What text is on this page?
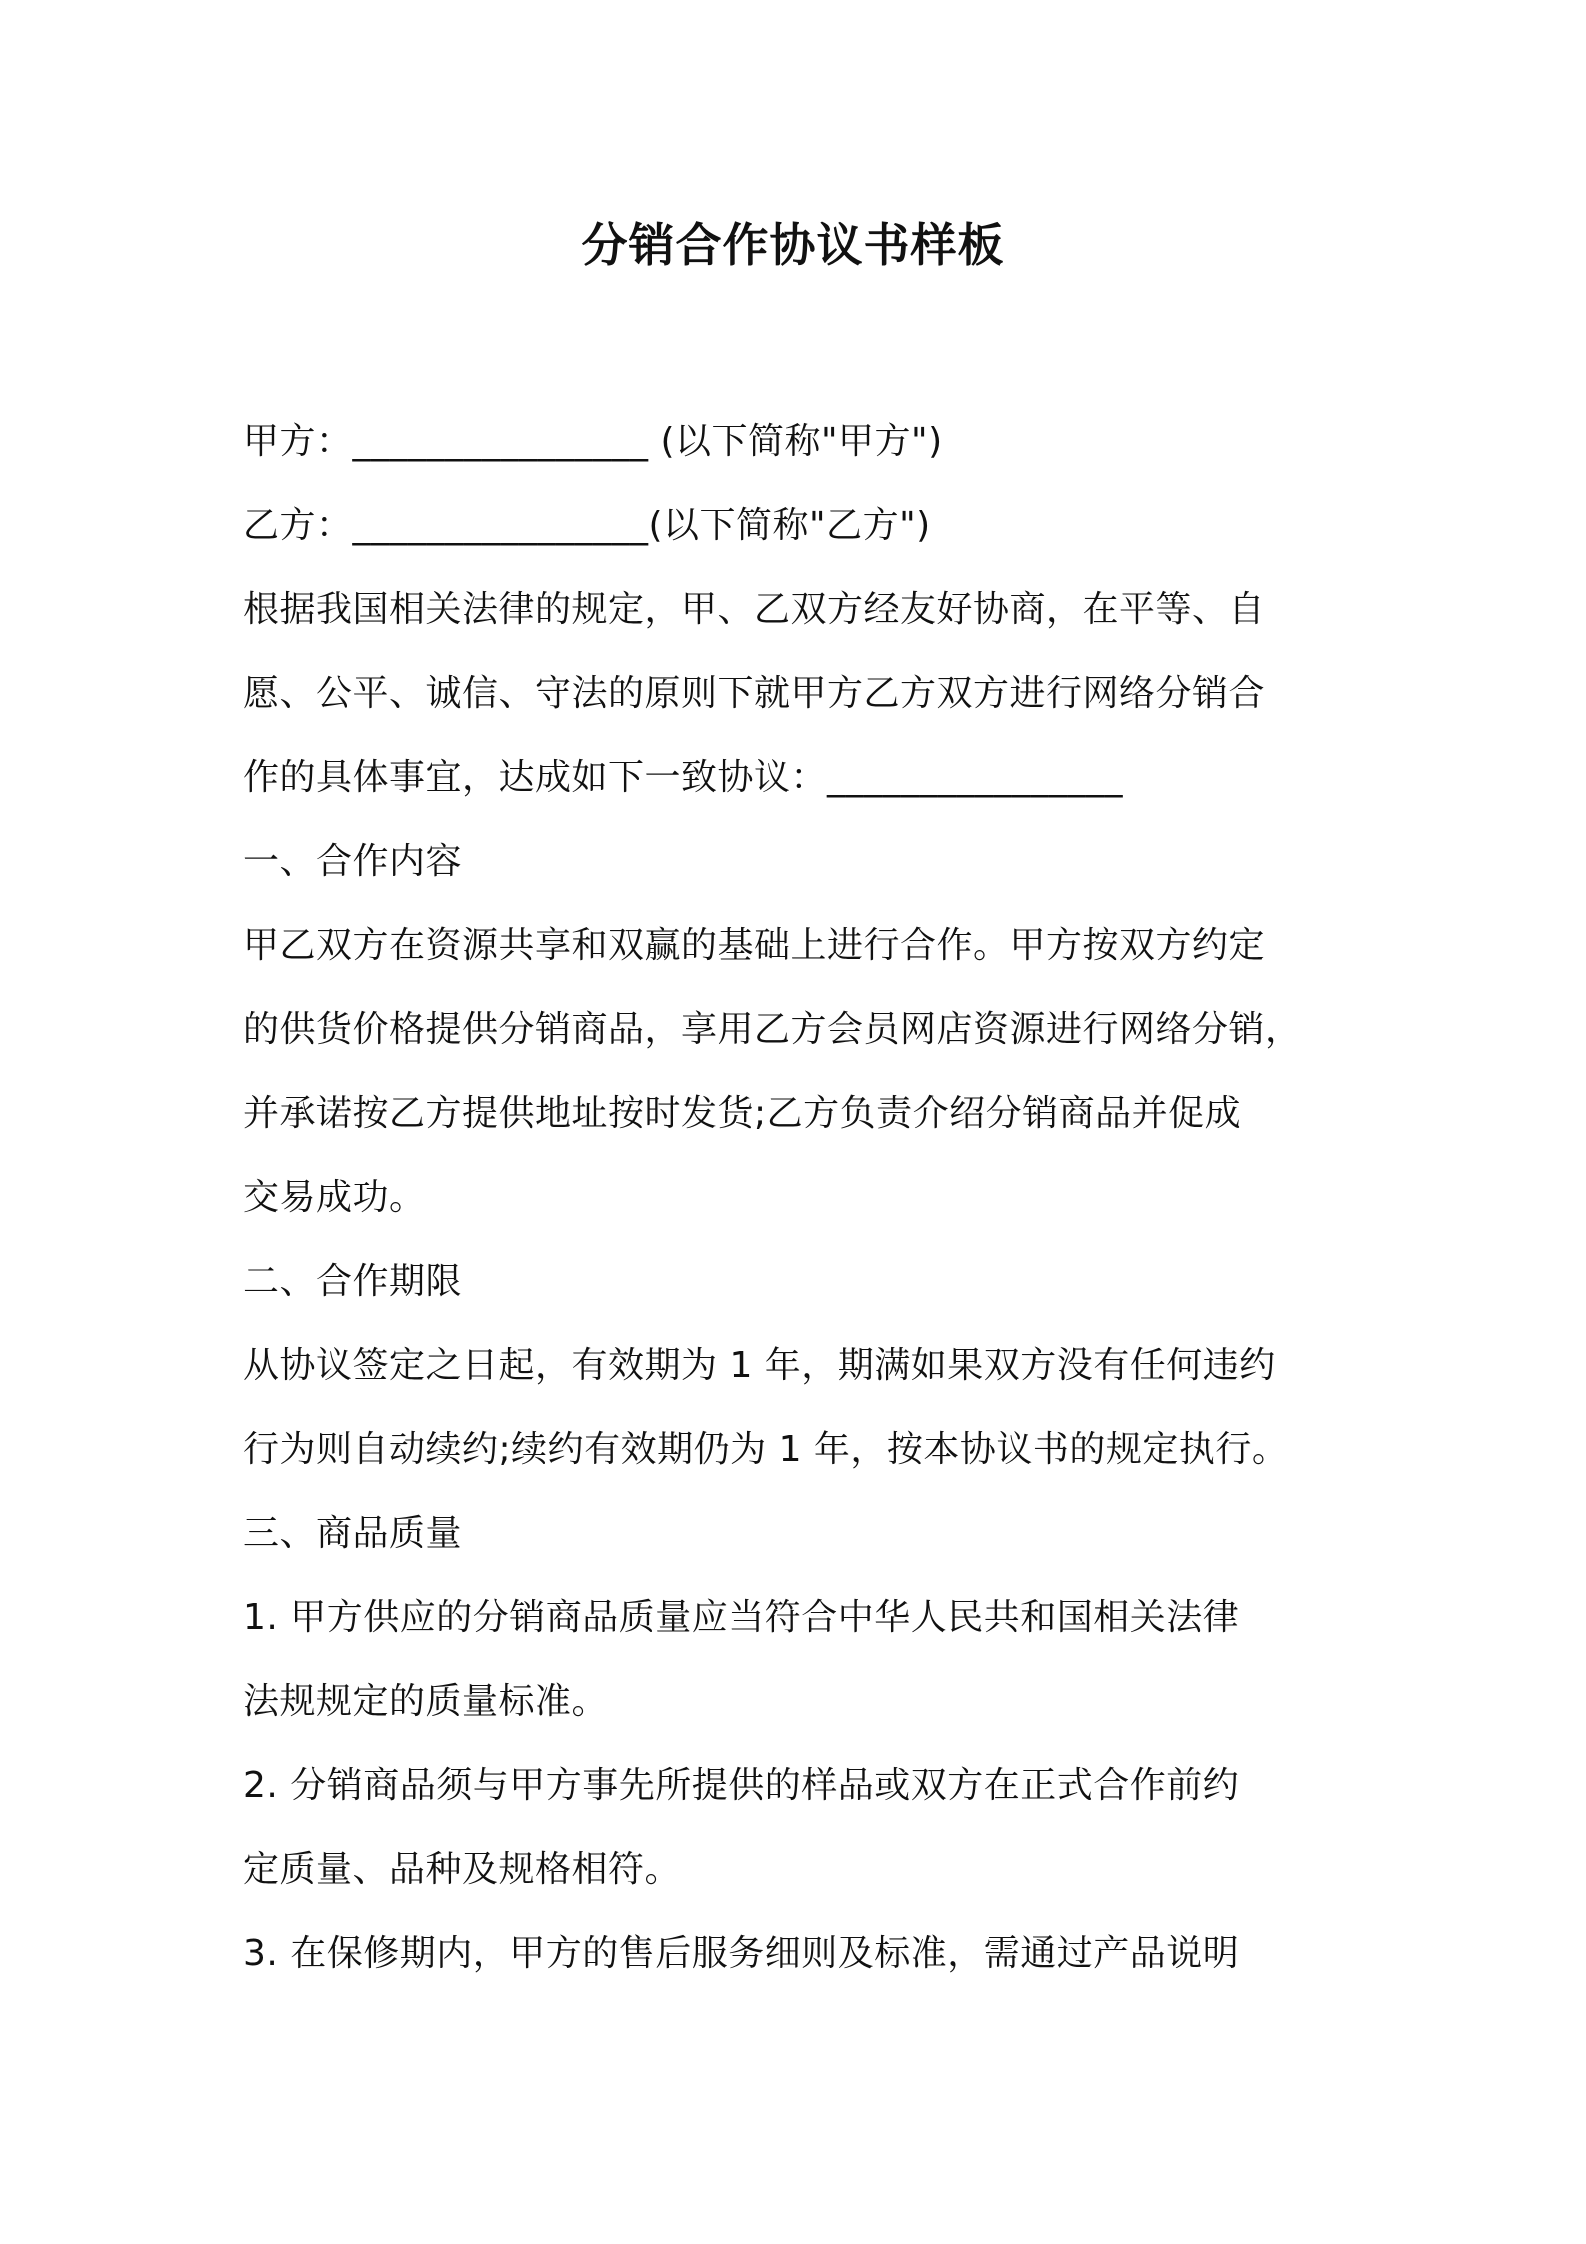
分销合作协议书样板
甲方：________________ (以下简称"甲方")
乙方：________________(以下简称"乙方")
根据我国相关法律的规定，甲、乙双方经友好协商，在平等、自
愿、公平、诚信、守法的原则下就甲方乙方双方进行网络分销合
作的具体事宜，达成如下一致协议：________________
一、合作内容
甲乙双方在资源共享和双赢的基础上进行合作。甲方按双方约定
的供货价格提供分销商品，享用乙方会员网店资源进行网络分销，
并承诺按乙方提供地址按时发货;乙方负责介绍分销商品并促成
交易成功。
二、合作期限
从协议签定之日起，有效期为 1 年，期满如果双方没有任何违约
行为则自动续约;续约有效期仍为 1 年，按本协议书的规定执行。
三、商品质量
1. 甲方供应的分销商品质量应当符合中华人民共和国相关法律
法规规定的质量标准。
2. 分销商品须与甲方事先所提供的样品或双方在正式合作前约
定质量、品种及规格相符。
3. 在保修期内，甲方的售后服务细则及标准，需通过产品说明
